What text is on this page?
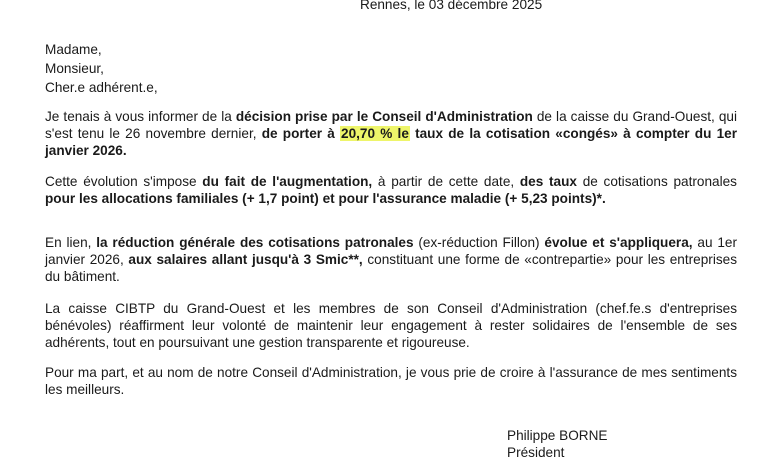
Rennes, le 03 décembre 2025
Madame,
Monsieur,
Cher.e adhérent.e,

Je tenais à vous informer de la décision prise par le Conseil d'Administration de la caisse du Grand-Ouest, qui s'est tenu le 26 novembre dernier, de porter à 20,70 % le taux de la cotisation «congés» à compter du 1er janvier 2026.

Cette évolution s'impose du fait de l'augmentation, à partir de cette date, des taux de cotisations patronales pour les allocations familiales (+ 1,7 point) et pour l'assurance maladie (+ 5,23 points)*.

En lien, la réduction générale des cotisations patronales (ex-réduction Fillon) évolue et s'appliquera, au 1er janvier 2026, aux salaires allant jusqu'à 3 Smic**, constituant une forme de «contrepartie» pour les entreprises du bâtiment.

La caisse CIBTP du Grand-Ouest et les membres de son Conseil d'Administration (chef.fe.s d'entreprises bénévoles) réaffirment leur volonté de maintenir leur engagement à rester solidaires de l'ensemble de ses adhérents, tout en poursuivant une gestion transparente et rigoureuse.

Pour ma part, et au nom de notre Conseil d'Administration, je vous prie de croire à l'assurance de mes sentiments les meilleurs.

Philippe BORNE
Président
